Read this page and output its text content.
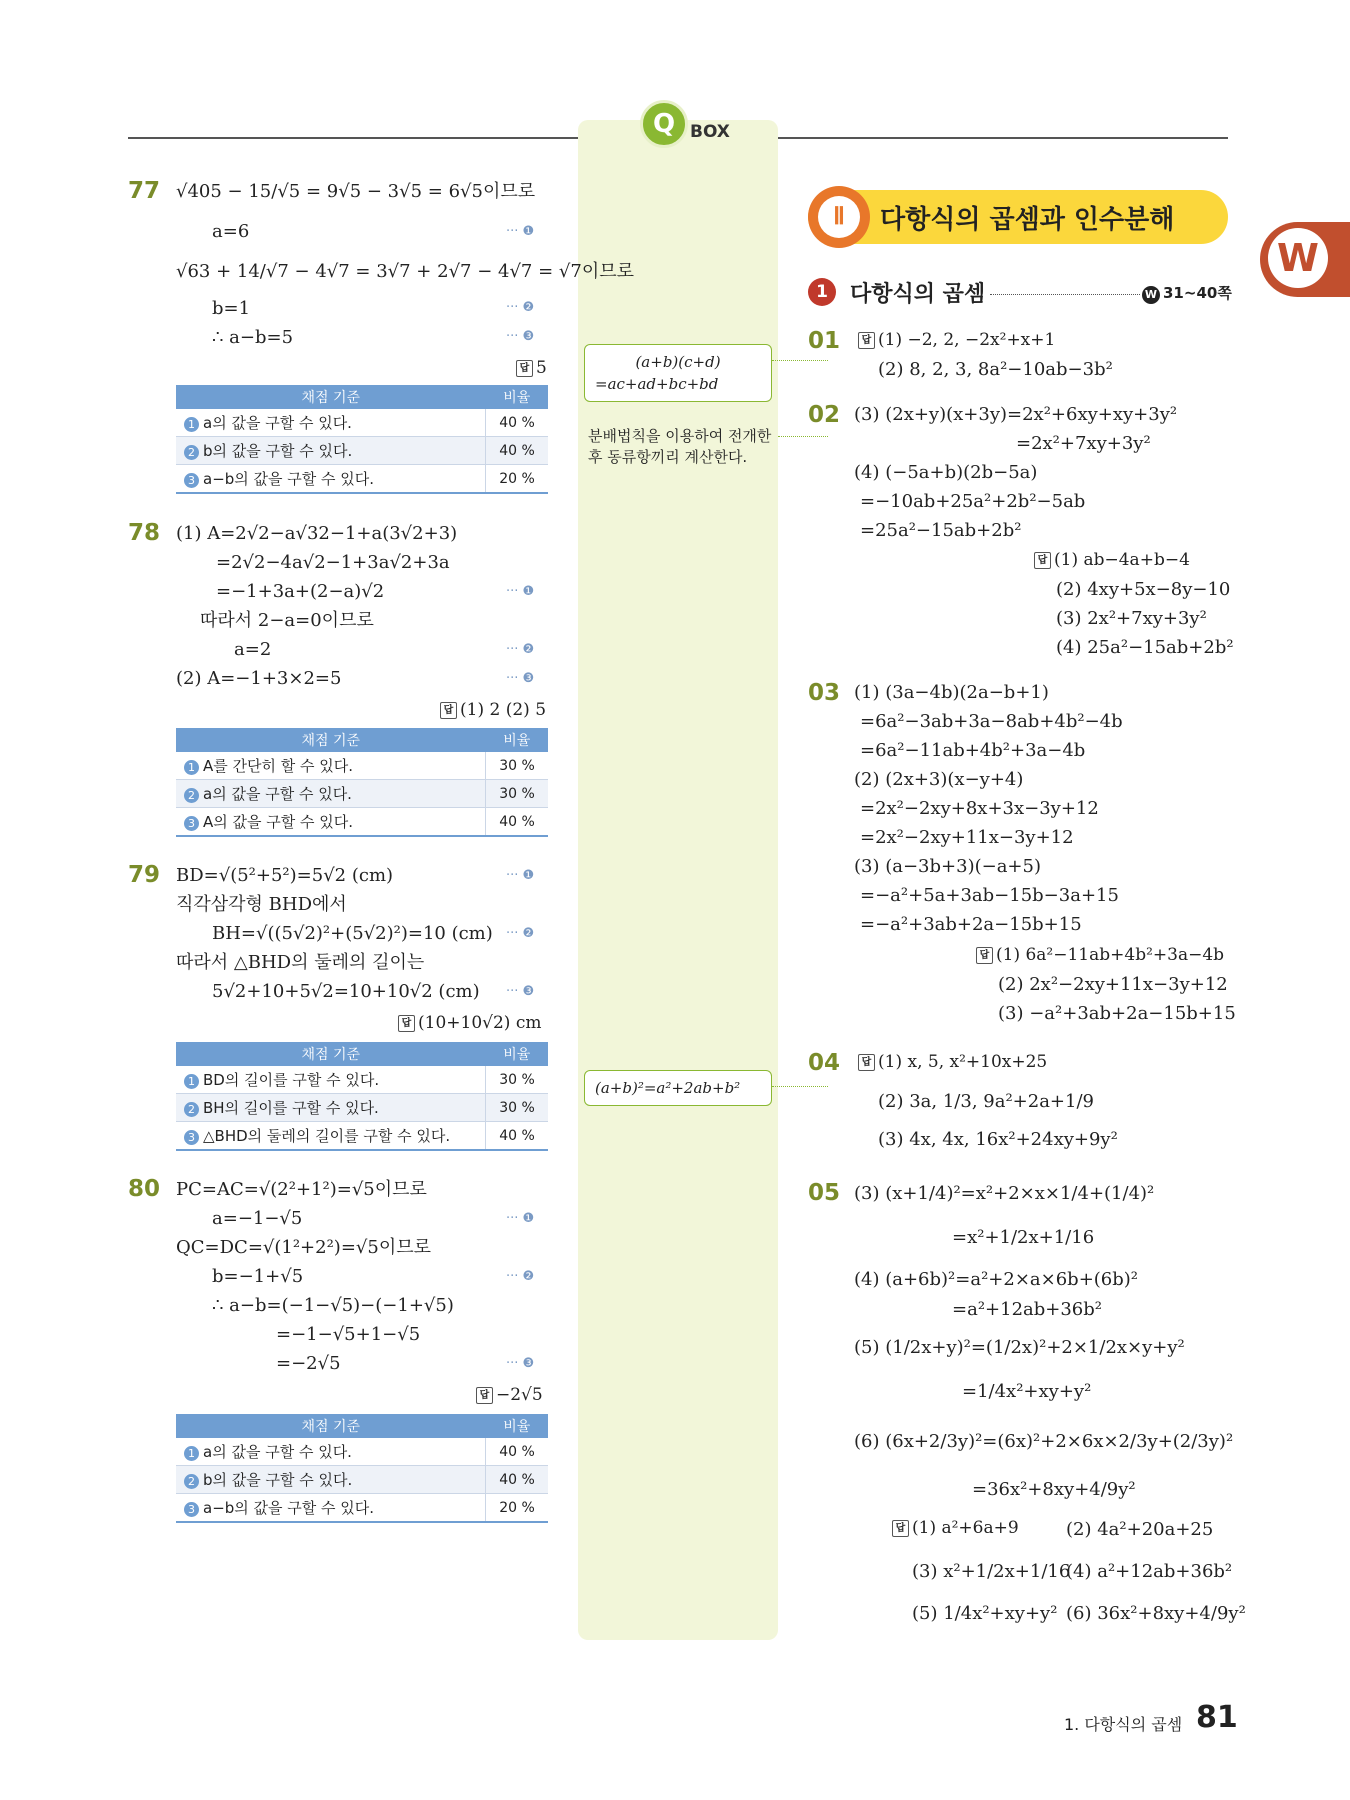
Q BOX
77 √405 − 15/√5 = 9√5 − 3√5 = 6√5이므로
a=6
√63 + 14/√7 − 4√7 = 3√7 + 2√7 − 4√7 = √7이므로
b=1
∴ a−b=5
··· ❶
··· ❷
··· ❸
답 5
채점 기준	비율
1 a의 값을 구할 수 있다.	40 %
2 b의 값을 구할 수 있다.	40 %
3 a−b의 값을 구할 수 있다.	20 %
78 (1) A=2√2−a√32−1+a(3√2+3)
=2√2−4a√2−1+3a√2+3a
=−1+3a+(2−a)√2
따라서 2−a=0이므로
a=2
(2) A=−1+3×2=5
··· ❶
··· ❷
··· ❸
답 (1) 2 (2) 5
채점 기준	비율
1 A를 간단히 할 수 있다.	30 %
2 a의 값을 구할 수 있다.	30 %
3 A의 값을 구할 수 있다.	40 %
79 BD=√(5²+5²)=5√2 (cm)
직각삼각형 BHD에서
BH=√((5√2)²+(5√2)²)=10 (cm)
따라서 △BHD의 둘레의 길이는
5√2+10+5√2=10+10√2 (cm)
··· ❶
··· ❷
··· ❸
답 (10+10√2) cm
채점 기준	비율
1 BD의 길이를 구할 수 있다.	30 %
2 BH의 길이를 구할 수 있다.	30 %
3 △BHD의 둘레의 길이를 구할 수 있다.	40 %
80 PC=AC=√(2²+1²)=√5이므로
a=−1−√5
QC=DC=√(1²+2²)=√5이므로
b=−1+√5
∴ a−b=(−1−√5)−(−1+√5)
=−1−√5+1−√5
=−2√5
··· ❶
··· ❷
··· ❸
답 −2√5
채점 기준	비율
1 a의 값을 구할 수 있다.	40 %
2 b의 값을 구할 수 있다.	40 %
3 a−b의 값을 구할 수 있다.	20 %
(a+b)(c+d)
=ac+ad+bc+bd
분배법칙을 이용하여 전개한 후 동류항끼리 계산한다.
(a+b)²=a²+2ab+b²
Ⅱ	다항식의 곱셈과 인수분해
W
1	다항식의 곱셈	W 31~40쪽
01	답 (1) −2, 2, −2x²+x+1
(2) 8, 2, 3, 8a²−10ab−3b²
02 (3) (2x+y)(x+3y)=2x²+6xy+xy+3y²
=2x²+7xy+3y²
(4) (−5a+b)(2b−5a)
=−10ab+25a²+2b²−5ab
=25a²−15ab+2b²
답 (1) ab−4a+b−4
(2) 4xy+5x−8y−10
(3) 2x²+7xy+3y²
(4) 25a²−15ab+2b²
03 (1) (3a−4b)(2a−b+1)
=6a²−3ab+3a−8ab+4b²−4b
=6a²−11ab+4b²+3a−4b
(2) (2x+3)(x−y+4)
=2x²−2xy+8x+3x−3y+12
=2x²−2xy+11x−3y+12
(3) (a−3b+3)(−a+5)
=−a²+5a+3ab−15b−3a+15
=−a²+3ab+2a−15b+15
답 (1) 6a²−11ab+4b²+3a−4b
(2) 2x²−2xy+11x−3y+12
(3) −a²+3ab+2a−15b+15
04	답 (1) x, 5, x²+10x+25
(2) 3a, 1/3, 9a²+2a+1/9
(3) 4x, 4x, 16x²+24xy+9y²
05 (3) (x+1/4)²=x²+2×x×1/4+(1/4)²
=x²+1/2x+1/16
(4) (a+6b)²=a²+2×a×6b+(6b)²
=a²+12ab+36b²
(5) (1/2x+y)²=(1/2x)²+2×1/2x×y+y²
=1/4x²+xy+y²
(6) (6x+2/3y)²=(6x)²+2×6x×2/3y+(2/3y)²
=36x²+8xy+4/9y²
답 (1) a²+6a+9	(2) 4a²+20a+25
(3) x²+1/2x+1/16
(4) a²+12ab+36b²
(5) 1/4x²+xy+y² (6) 36x²+8xy+4/9y²
1. 다항식의 곱셈 81
